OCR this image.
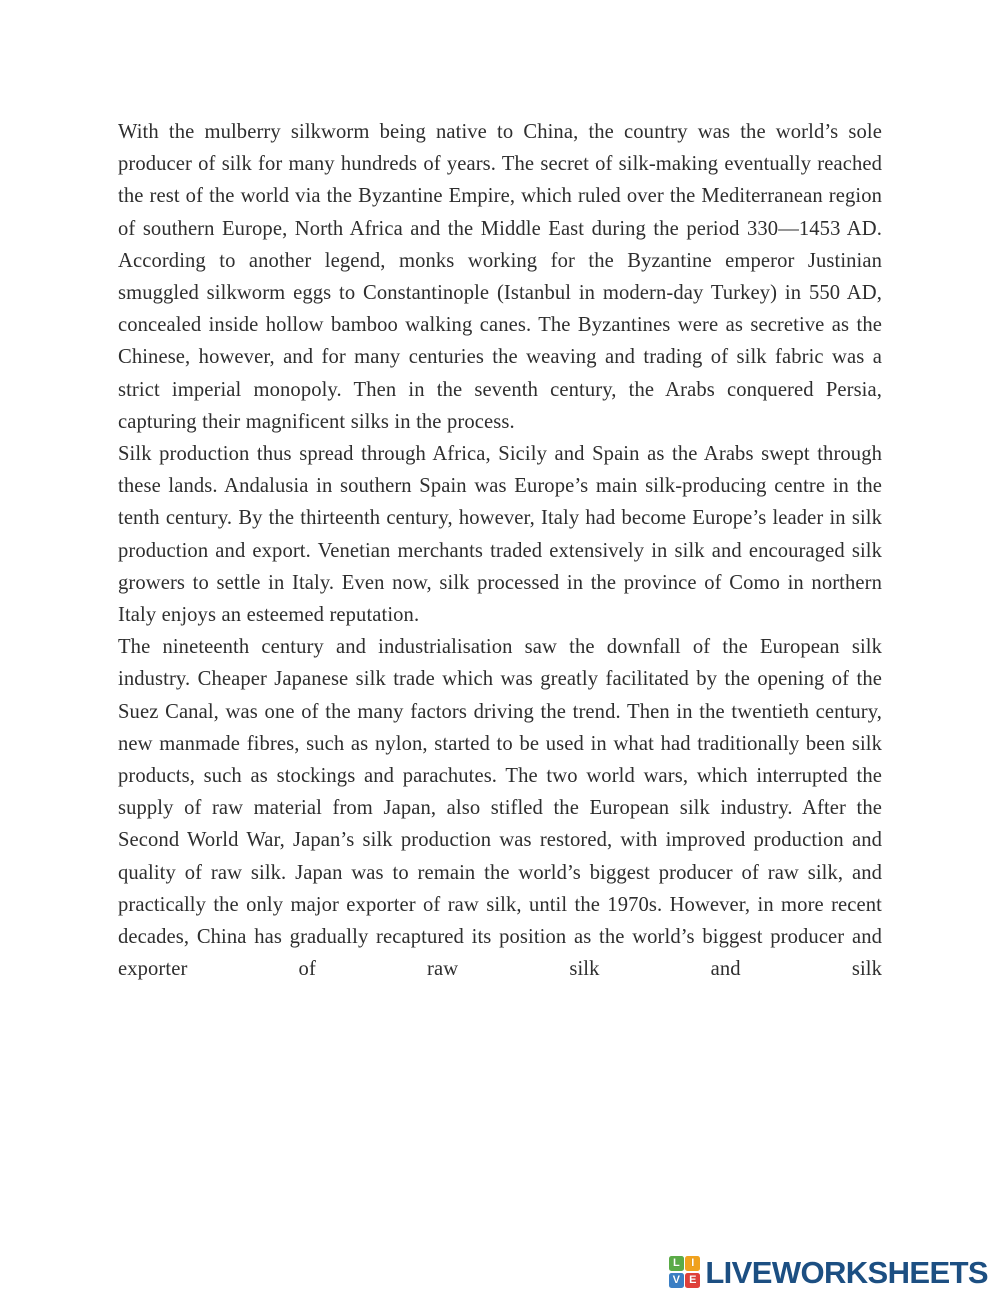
With the mulberry silkworm being native to China, the country was the world’s sole producer of silk for many hundreds of years. The secret of silk-making eventually reached the rest of the world via the Byzantine Empire, which ruled over the Mediterranean region of southern Europe, North Africa and the Middle East during the period 330—1453 AD. According to another legend, monks working for the Byzantine emperor Justinian smuggled silkworm eggs to Constantinople (Istanbul in modern-day Turkey) in 550 AD, concealed inside hollow bamboo walking canes. The Byzantines were as secretive as the Chinese, however, and for many centuries the weaving and trading of silk fabric was a strict imperial monopoly. Then in the seventh century, the Arabs conquered Persia, capturing their magnificent silks in the process.

Silk production thus spread through Africa, Sicily and Spain as the Arabs swept through these lands. Andalusia in southern Spain was Europe’s main silk-producing centre in the tenth century. By the thirteenth century, however, Italy had become Europe’s leader in silk production and export. Venetian merchants traded extensively in silk and encouraged silk growers to settle in Italy. Even now, silk processed in the province of Como in northern Italy enjoys an esteemed reputation.

The nineteenth century and industrialisation saw the downfall of the European silk industry. Cheaper Japanese silk trade which was greatly facilitated by the opening of the Suez Canal, was one of the many factors driving the trend. Then in the twentieth century, new manmade fibres, such as nylon, started to be used in what had traditionally been silk products, such as stockings and parachutes. The two world wars, which interrupted the supply of raw material from Japan, also stifled the European silk industry. After the Second World War, Japan’s silk production was restored, with improved production and quality of raw silk. Japan was to remain the world’s biggest producer of raw silk, and practically the only major exporter of raw silk, until the 1970s. However, in more recent decades, China has gradually recaptured its position as the world’s biggest producer and exporter of raw silk and silk

L	I
V E LIVEWORKSHEETS
